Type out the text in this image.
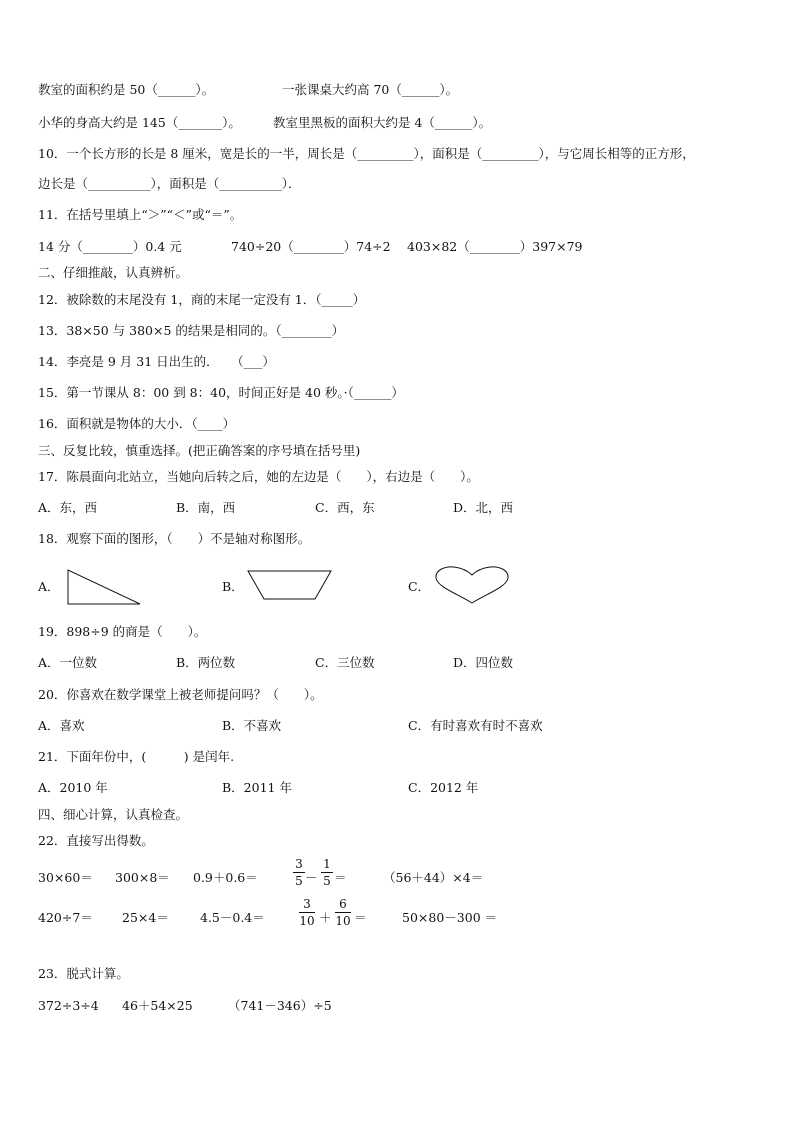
教室的面积约是 50（______）。	一张课桌大约高 70（______）。
小华的身高大约是 145（_______）。	教室里黑板的面积大约是 4（______）。
10．一个长方形的长是 8 厘米，宽是长的一半，周长是（_________），面积是（_________），与它周长相等的正方形，
边长是（__________），面积是（__________）．
11．在括号里填上“＞”“＜”或“＝”。
14 分（________）0.4 元	740÷20（________）74÷2 403×82（________）397×79
二、仔细推敲，认真辨析。
12．被除数的末尾没有 1，商的末尾一定没有 1．（_____）
13．38×50 与 380×5 的结果是相同的。（________）
14．李亮是 9 月 31 日出生的．　　（___）
15．第一节课从 8：00 到 8：40，时间正好是 40 秒。·（______）
16．面积就是物体的大小．（____）
三、反复比较，慎重选择。(把正确答案的序号填在括号里)
17．陈晨面向北站立，当她向后转之后，她的左边是（　　），右边是（　　）。
A．东，西	B．南，西	C．西，东	D．北，西
18．观察下面的图形，（　　）不是轴对称图形。
A．	B．	C．
19．898÷9 的商是（　　）。
A．一位数	B．两位数	C．三位数	D．四位数
20．你喜欢在数学课堂上被老师提问吗？（　　）。
A．喜欢	B．不喜欢	C．有时喜欢有时不喜欢
21．下面年份中，(　　　) 是闰年.
A．2010 年	B．2011 年	C．2012 年
四、细心计算，认真检查。
22．直接写出得数。
30×60＝ 300×8＝ 0.9＋0.6＝
3
5 －
1
5 ＝	（56＋44）×4＝
420÷7＝ 25×4＝ 4.5－0.4＝
3
10 ＋
6
10 ＝	50×80－300 ＝
23．脱式计算。
372÷3÷4 46＋54×25	（741－346）÷5
